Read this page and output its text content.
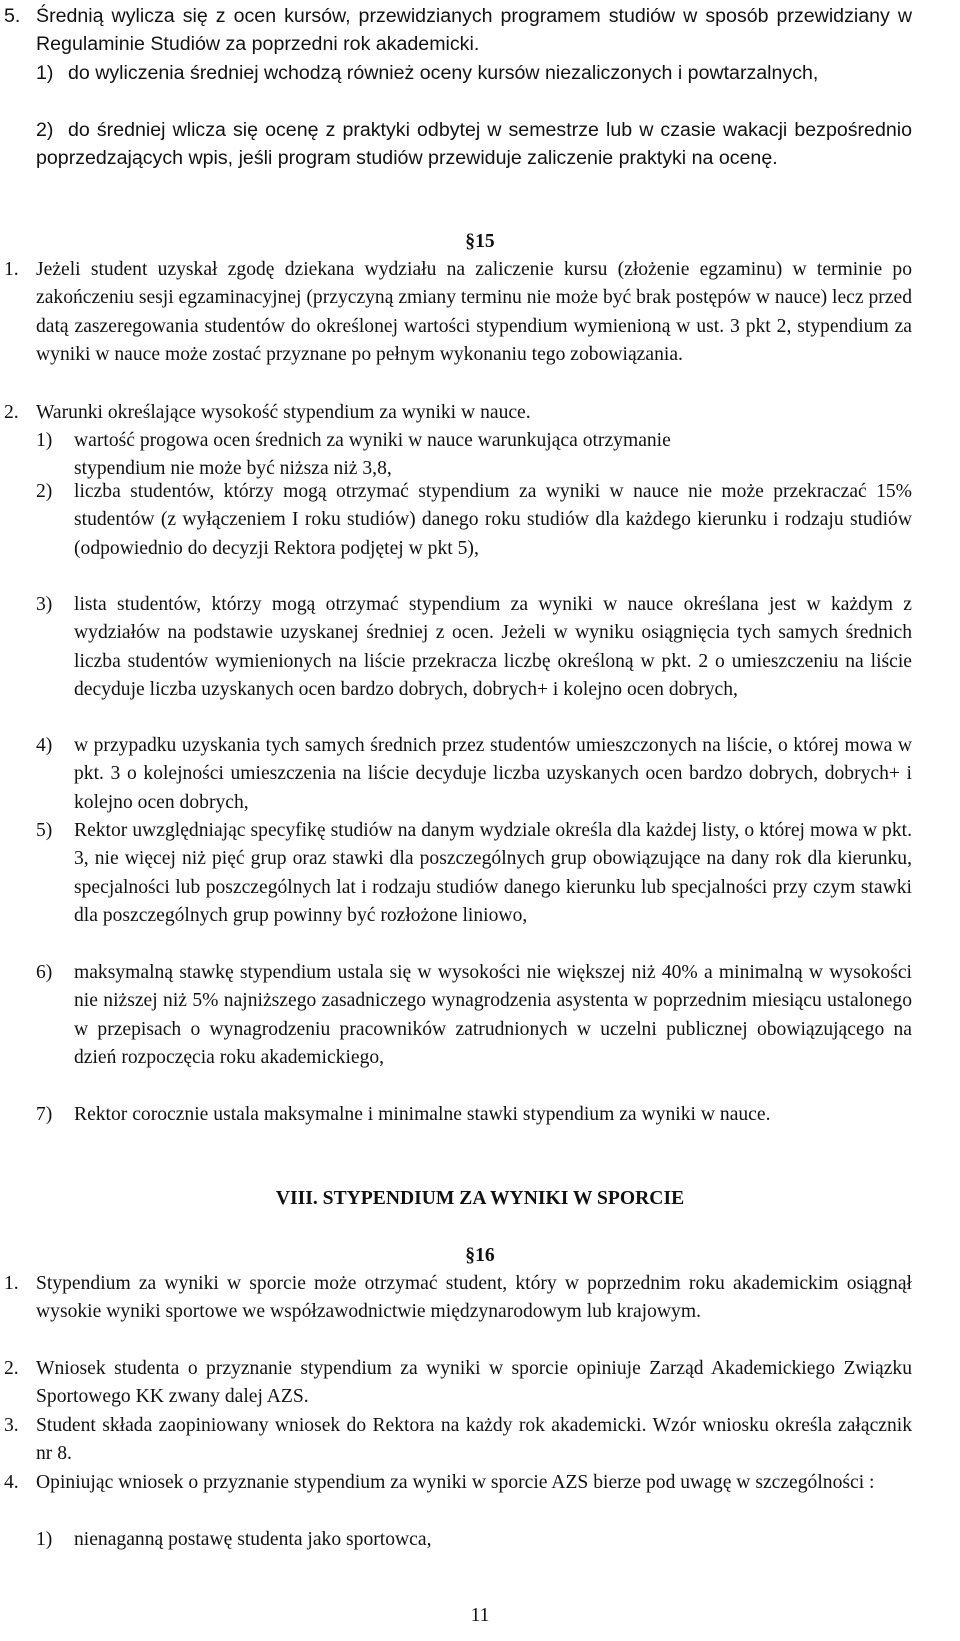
5. Średnią wylicza się z ocen kursów, przewidzianych programem studiów w sposób przewidziany w Regulaminie Studiów za poprzedni rok akademicki.
1) do wyliczenia średniej wchodzą również oceny kursów niezaliczonych i powtarzalnych,
2) do średniej wlicza się ocenę z praktyki odbytej w semestrze lub w czasie wakacji bezpośrednio poprzedzających wpis, jeśli program studiów przewiduje zaliczenie praktyki na ocenę.
§15
1. Jeżeli student uzyskał zgodę dziekana wydziału na zaliczenie kursu (złożenie egzaminu) w terminie po zakończeniu sesji egzaminacyjnej (przyczyną zmiany terminu nie może być brak postępów w nauce) lecz przed datą zaszeregowania studentów do określonej wartości stypendium wymienioną w ust. 3 pkt 2, stypendium za wyniki w nauce może zostać przyznane po pełnym wykonaniu tego zobowiązania.
2. Warunki określające wysokość stypendium za wyniki w nauce.
1) wartość progowa ocen średnich za wyniki w nauce warunkująca otrzymanie
stypendium nie może być niższa niż 3,8,
2) liczba studentów, którzy mogą otrzymać stypendium za wyniki w nauce nie może przekraczać 15% studentów (z wyłączeniem I roku studiów) danego roku studiów dla każdego kierunku i rodzaju studiów (odpowiednio do decyzji Rektora podjętej w pkt 5),
3) lista studentów, którzy mogą otrzymać stypendium za wyniki w nauce określana jest w każdym z wydziałów na podstawie uzyskanej średniej z ocen. Jeżeli w wyniku osiągnięcia tych samych średnich liczba studentów wymienionych na liście przekracza liczbę określoną w pkt. 2 o umieszczeniu na liście decyduje liczba uzyskanych ocen bardzo dobrych, dobrych+ i kolejno ocen dobrych,
4) w przypadku uzyskania tych samych średnich przez studentów umieszczonych na liście, o której mowa w pkt. 3 o kolejności umieszczenia na liście decyduje liczba uzyskanych ocen bardzo dobrych, dobrych+ i kolejno ocen dobrych,
5) Rektor uwzględniając specyfikę studiów na danym wydziale określa dla każdej listy, o której mowa w pkt. 3, nie więcej niż pięć grup oraz stawki dla poszczególnych grup obowiązujące na dany rok dla kierunku, specjalności lub poszczególnych lat i rodzaju studiów danego kierunku lub specjalności przy czym stawki dla poszczególnych grup powinny być rozłożone liniowo,
6) maksymalną stawkę stypendium ustala się w wysokości nie większej niż 40% a minimalną w wysokości nie niższej niż 5% najniższego zasadniczego wynagrodzenia asystenta w poprzednim miesiącu ustalonego w przepisach o wynagrodzeniu pracowników zatrudnionych w uczelni publicznej obowiązującego na dzień rozpoczęcia roku akademickiego,
7) Rektor corocznie ustala maksymalne i minimalne stawki stypendium za wyniki w nauce.
VIII. STYPENDIUM ZA WYNIKI W SPORCIE
§16
1. Stypendium za wyniki w sporcie może otrzymać student, który w poprzednim roku akademickim osiągnął wysokie wyniki sportowe we współzawodnictwie międzynarodowym lub krajowym.
2. Wniosek studenta o przyznanie stypendium za wyniki w sporcie opiniuje Zarząd Akademickiego Związku Sportowego KK zwany dalej AZS.
3. Student składa zaopiniowany wniosek do Rektora na każdy rok akademicki. Wzór wniosku określa załącznik nr 8.
4. Opiniując wniosek o przyznanie stypendium za wyniki w sporcie AZS bierze pod uwagę w szczególności :
1) nienaganną postawę studenta jako sportowca,
11
